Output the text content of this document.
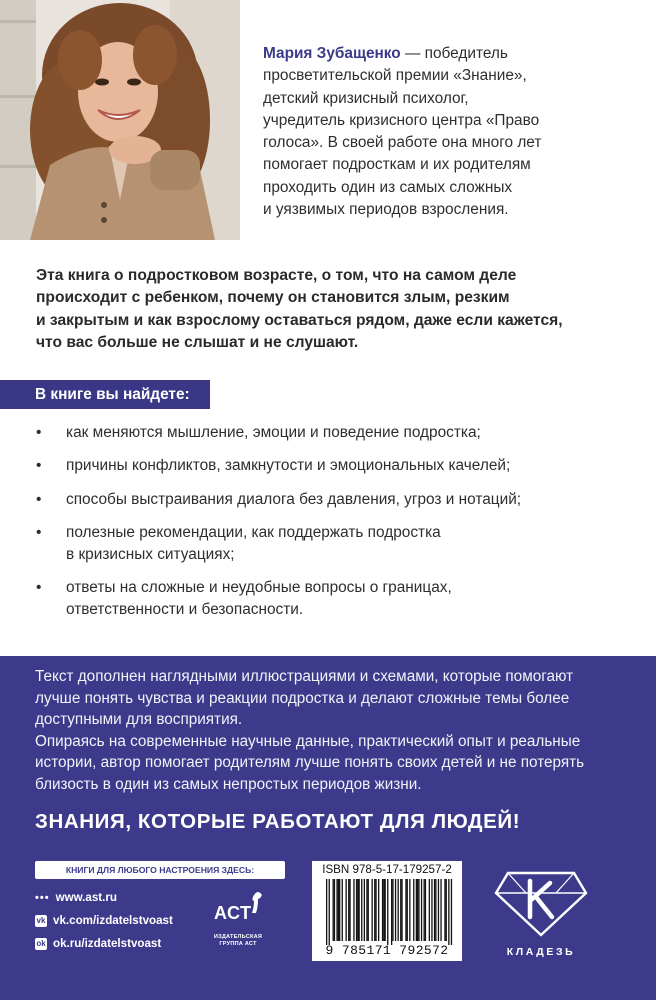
Мария Зубащенко — победитель
просветительской премии «Знание»,
детский кризисный психолог,
учредитель кризисного центра «Право
голоса». В своей работе она много лет
помогает подросткам и их родителям
проходить один из самых сложных
и уязвимых периодов взросления.
Эта книга о подростковом возрасте, о том, что на самом деле
происходит с ребенком, почему он становится злым, резким
и закрытым и как взрослому оставаться рядом, даже если кажется,
что вас больше не слышат и не слушают.
В книге вы найдете:
• как меняются мышление, эмоции и поведение подростка;
• причины конфликтов, замкнутости и эмоциональных качелей;
• способы выстраивания диалога без давления, угроз и нотаций;
• полезные рекомендации, как поддержать подростка
в кризисных ситуациях;
• ответы на сложные и неудобные вопросы о границах,
ответственности и безопасности.

Текст дополнен наглядными иллюстрациями и схемами, которые помогают
лучше понять чувства и реакции подростка и делают сложные темы более
доступными для восприятия.

Опираясь на современные научные данные, практический опыт и реальные
истории, автор помогает родителям лучше понять своих детей и не потерять
близость в один из самых непростых периодов жизни.

ЗНАНИЯ, КОТОРЫЕ РАБОТАЮТ ДЛЯ ЛЮДЕЙ!
КНИГИ ДЛЯ ЛЮБОГО НАСТРОЕНИЯ ЗДЕСЬ:
••• www.ast.ru
vk vk.com/izdatelstvoast
ok ok.ru/izdatelstvoast
ACT
ИЗДАТЕЛЬСКАЯ
ГРУППА АСТ
ISBN 978-5-17-179257-2
9 785171 792572	КЛАДЕЗЬ
